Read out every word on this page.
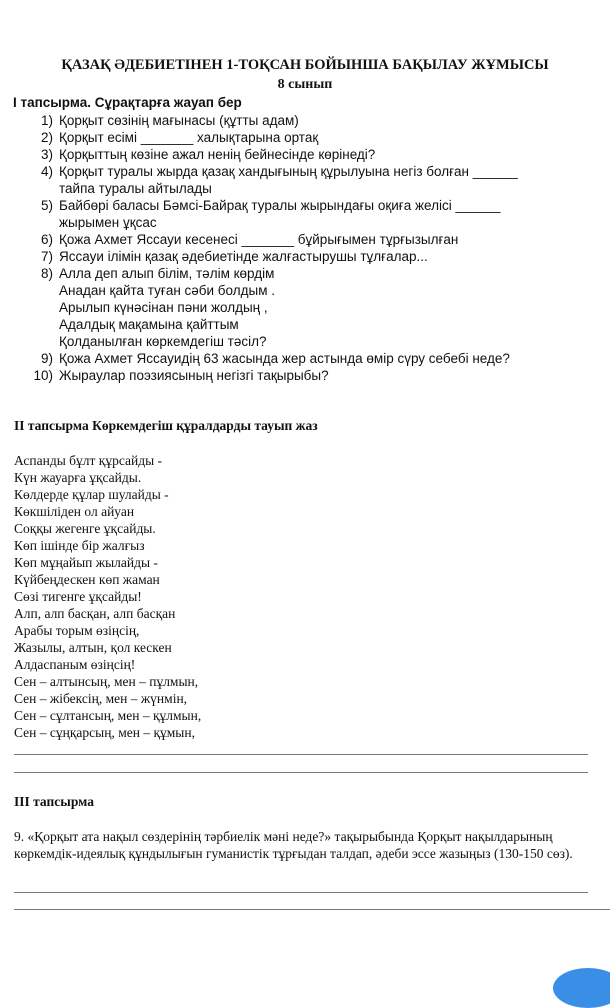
ҚАЗАҚ ӘДЕБИЕТІНЕН 1-ТОҚСАН БОЙЫНША БАҚЫЛАУ ЖҰМЫСЫ
8 сынып
І тапсырма. Сұрақтарға жауап бер
1) Қорқыт сөзінің мағынасы (құтты адам)
2) Қорқыт есімі _______ халықтарына ортақ
3) Қорқыттың көзіне ажал ненің бейнесінде көрінеді?
4) Қорқыт туралы жырда қазақ хандығының құрылуына негіз болған ______
тайпа туралы айтылады
5) Байбөрі баласы Бәмсі-Байрақ туралы жырындағы оқиға желісі ______
жырымен ұқсас
6) Қожа Ахмет Яссауи кесенесі _______ бұйрығымен тұрғызылған
7) Яссауи ілімін қазақ әдебиетінде жалғастырушы тұлғалар...
8) Алла деп алып білім, тәлім көрдім
Анадан қайта туған сәби болдым .
Арылып күнәсінан пәни жолдың ,
Адалдық мақамына қайттым
Қолданылған көркемдегіш тәсіл?
9) Қожа Ахмет Яссауидің 63 жасында жер астында өмір сүру себебі неде?
10) Жыраулар поэзиясының негізгі тақырыбы?
ІІ тапсырма Көркемдегіш құралдарды тауып жаз
Аспанды бұлт құрсайды -
Күн жауарға ұқсайды.
Көлдерде құлар шулайды -
Көкшіліден ол айуан
Соққы жегенге ұқсайды.
Көп ішінде бір жалғыз
Көп мұңайып жылайды -
Күйбеңдескен көп жаман
Сөзі тигенге ұқсайды!
Алп, алп басқан, алп басқан
Арабы торым өзіңсің,
Жазылы, алтын, қол кескен
Алдаспаным өзіңсің!
Сен – алтынсың, мен – пұлмын,
Сен – жібексің, мен – жүнмін,
Сен – сұлтансың, мен – құлмын,
Сен – сұңқарсың, мен – құмын,
ІІІ тапсырма
9. «Қорқыт ата нақыл сөздерінің тәрбиелік мәні неде?» тақырыбында Қорқыт нақылдарының көркемдік-идеялық құндылығын гуманистік тұрғыдан талдап, әдеби эссе жазыңыз (130-150 сөз).
